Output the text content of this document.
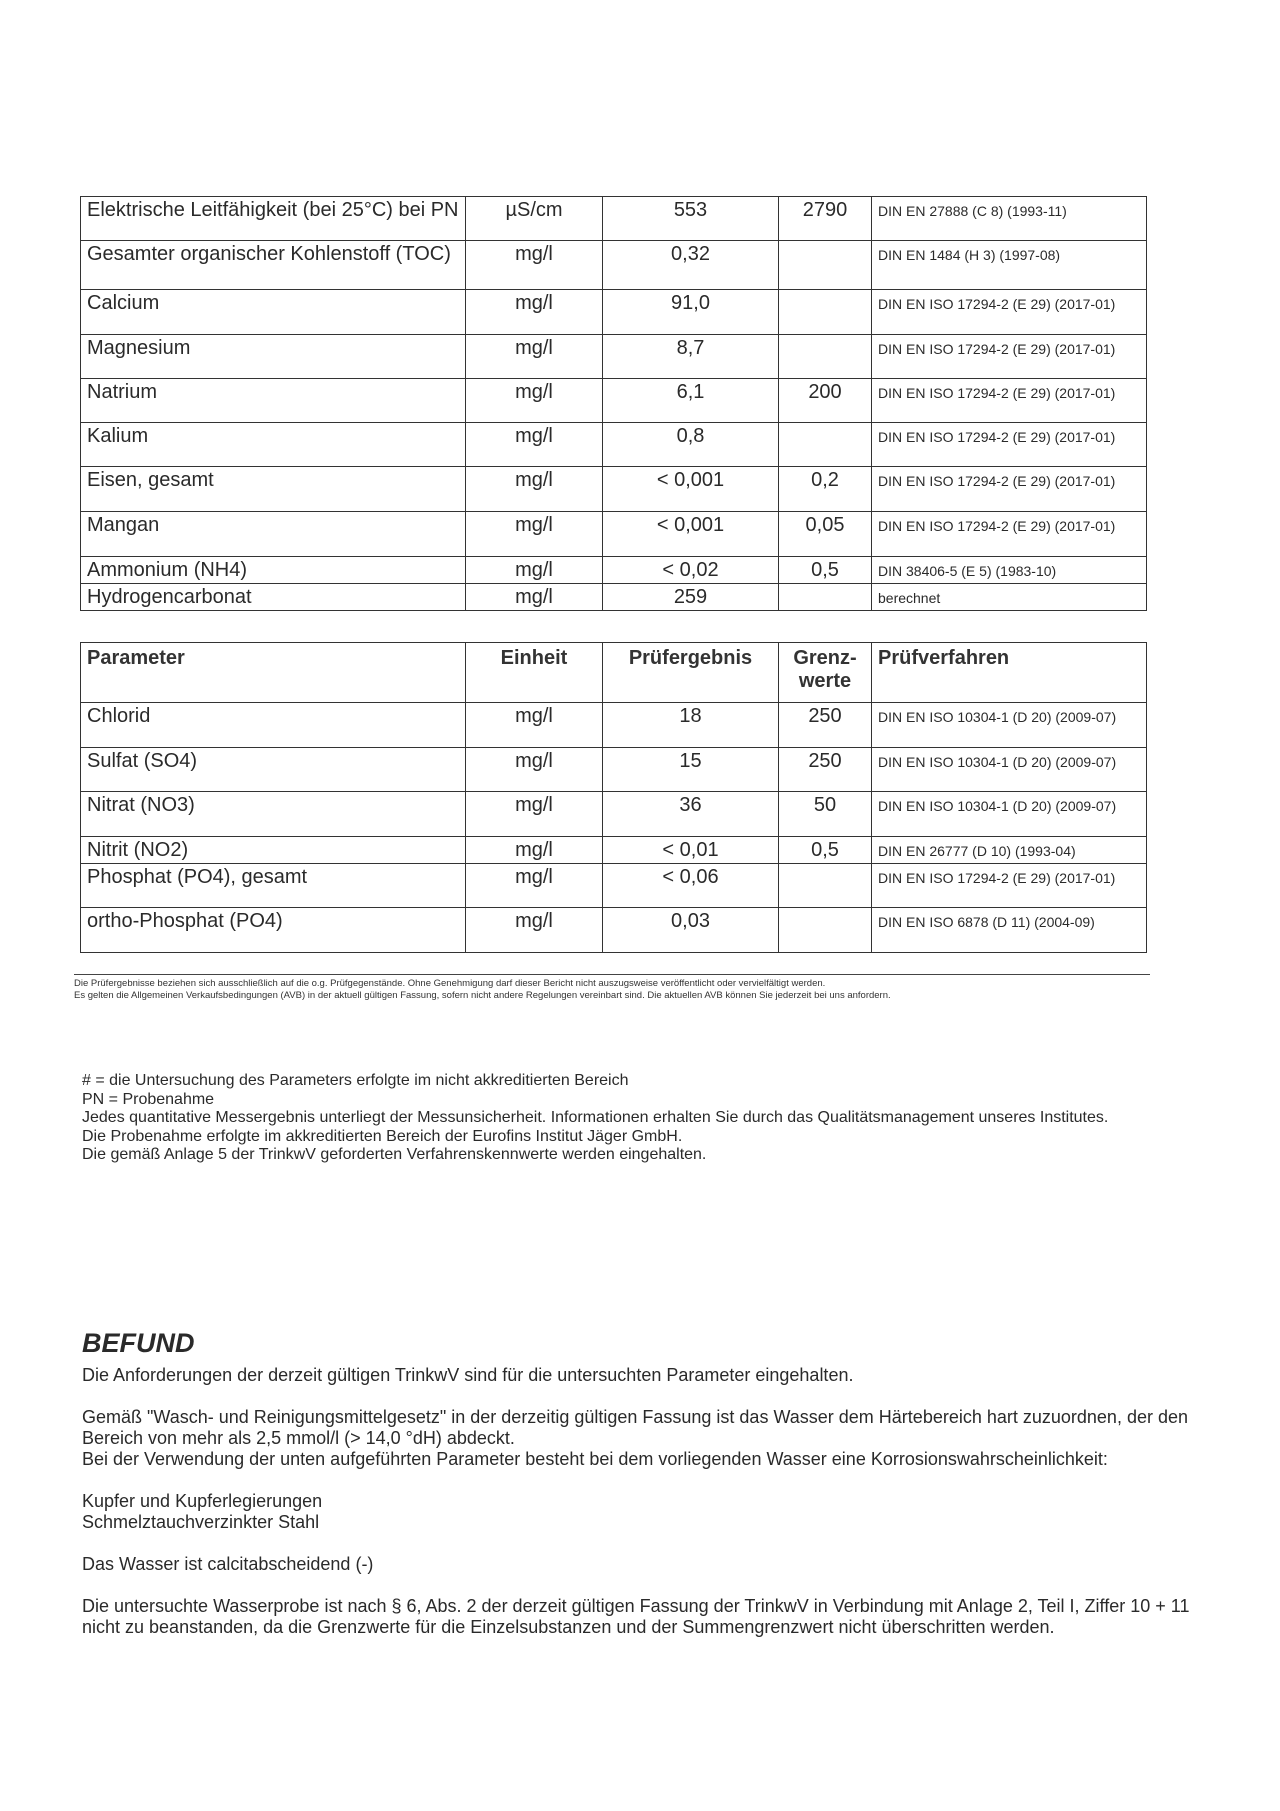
Elektrische Leitfähigkeit (bei 25°C) bei PN	µS/cm	553	2790	DIN EN 27888 (C 8) (1993-11)
Gesamter organischer Kohlenstoff (TOC)	mg/l	0,32		DIN EN 1484 (H 3) (1997-08)
Calcium	mg/l	91,0		DIN EN ISO 17294-2 (E 29) (2017-01)
Magnesium	mg/l	8,7		DIN EN ISO 17294-2 (E 29) (2017-01)
Natrium	mg/l	6,1	200	DIN EN ISO 17294-2 (E 29) (2017-01)
Kalium	mg/l	0,8		DIN EN ISO 17294-2 (E 29) (2017-01)
Eisen, gesamt	mg/l	< 0,001	0,2	DIN EN ISO 17294-2 (E 29) (2017-01)
Mangan	mg/l	< 0,001	0,05	DIN EN ISO 17294-2 (E 29) (2017-01)
Ammonium (NH4)	mg/l	< 0,02	0,5	DIN 38406-5 (E 5) (1983-10)
Hydrogencarbonat	mg/l	259		berechnet
Parameter	Einheit	Prüfergebnis	Grenz-werte	Prüfverfahren
Chlorid	mg/l	18	250	DIN EN ISO 10304-1 (D 20) (2009-07)
Sulfat (SO4)	mg/l	15	250	DIN EN ISO 10304-1 (D 20) (2009-07)
Nitrat (NO3)	mg/l	36	50	DIN EN ISO 10304-1 (D 20) (2009-07)
Nitrit (NO2)	mg/l	< 0,01	0,5	DIN EN 26777 (D 10) (1993-04)
Phosphat (PO4), gesamt	mg/l	< 0,06		DIN EN ISO 17294-2 (E 29) (2017-01)
ortho-Phosphat (PO4)	mg/l	0,03		DIN EN ISO 6878 (D 11) (2004-09)
Die Prüfergebnisse beziehen sich ausschließlich auf die o.g. Prüfgegenstände. Ohne Genehmigung darf dieser Bericht nicht auszugsweise veröffentlicht oder vervielfältigt werden.
Es gelten die Allgemeinen Verkaufsbedingungen (AVB) in der aktuell gültigen Fassung, sofern nicht andere Regelungen vereinbart sind. Die aktuellen AVB können Sie jederzeit bei uns anfordern.

# = die Untersuchung des Parameters erfolgte im nicht akkreditierten Bereich

PN = Probenahme

Jedes quantitative Messergebnis unterliegt der Messunsicherheit. Informationen erhalten Sie durch das Qualitätsmanagement unseres Institutes. Die Probenahme erfolgte im akkreditierten Bereich der Eurofins Institut Jäger GmbH.

Die gemäß Anlage 5 der TrinkwV geforderten Verfahrenskennwerte werden eingehalten.

BEFUND

Die Anforderungen der derzeit gültigen TrinkwV sind für die untersuchten Parameter eingehalten.

Gemäß "Wasch- und Reinigungsmittelgesetz" in der derzeitig gültigen Fassung ist das Wasser dem Härtebereich hart zuzuordnen, der den Bereich von mehr als 2,5 mmol/l (> 14,0 °dH) abdeckt.

Bei der Verwendung der unten aufgeführten Parameter besteht bei dem vorliegenden Wasser eine Korrosionswahrscheinlichkeit:

Kupfer und Kupferlegierungen

Schmelztauchverzinkter Stahl

Das Wasser ist calcitabscheidend (-)

Die untersuchte Wasserprobe ist nach § 6, Abs. 2 der derzeit gültigen Fassung der TrinkwV in Verbindung mit Anlage 2, Teil I, Ziffer 10 + 11 nicht zu beanstanden, da die Grenzwerte für die Einzelsubstanzen und der Summengrenzwert nicht überschritten werden.
